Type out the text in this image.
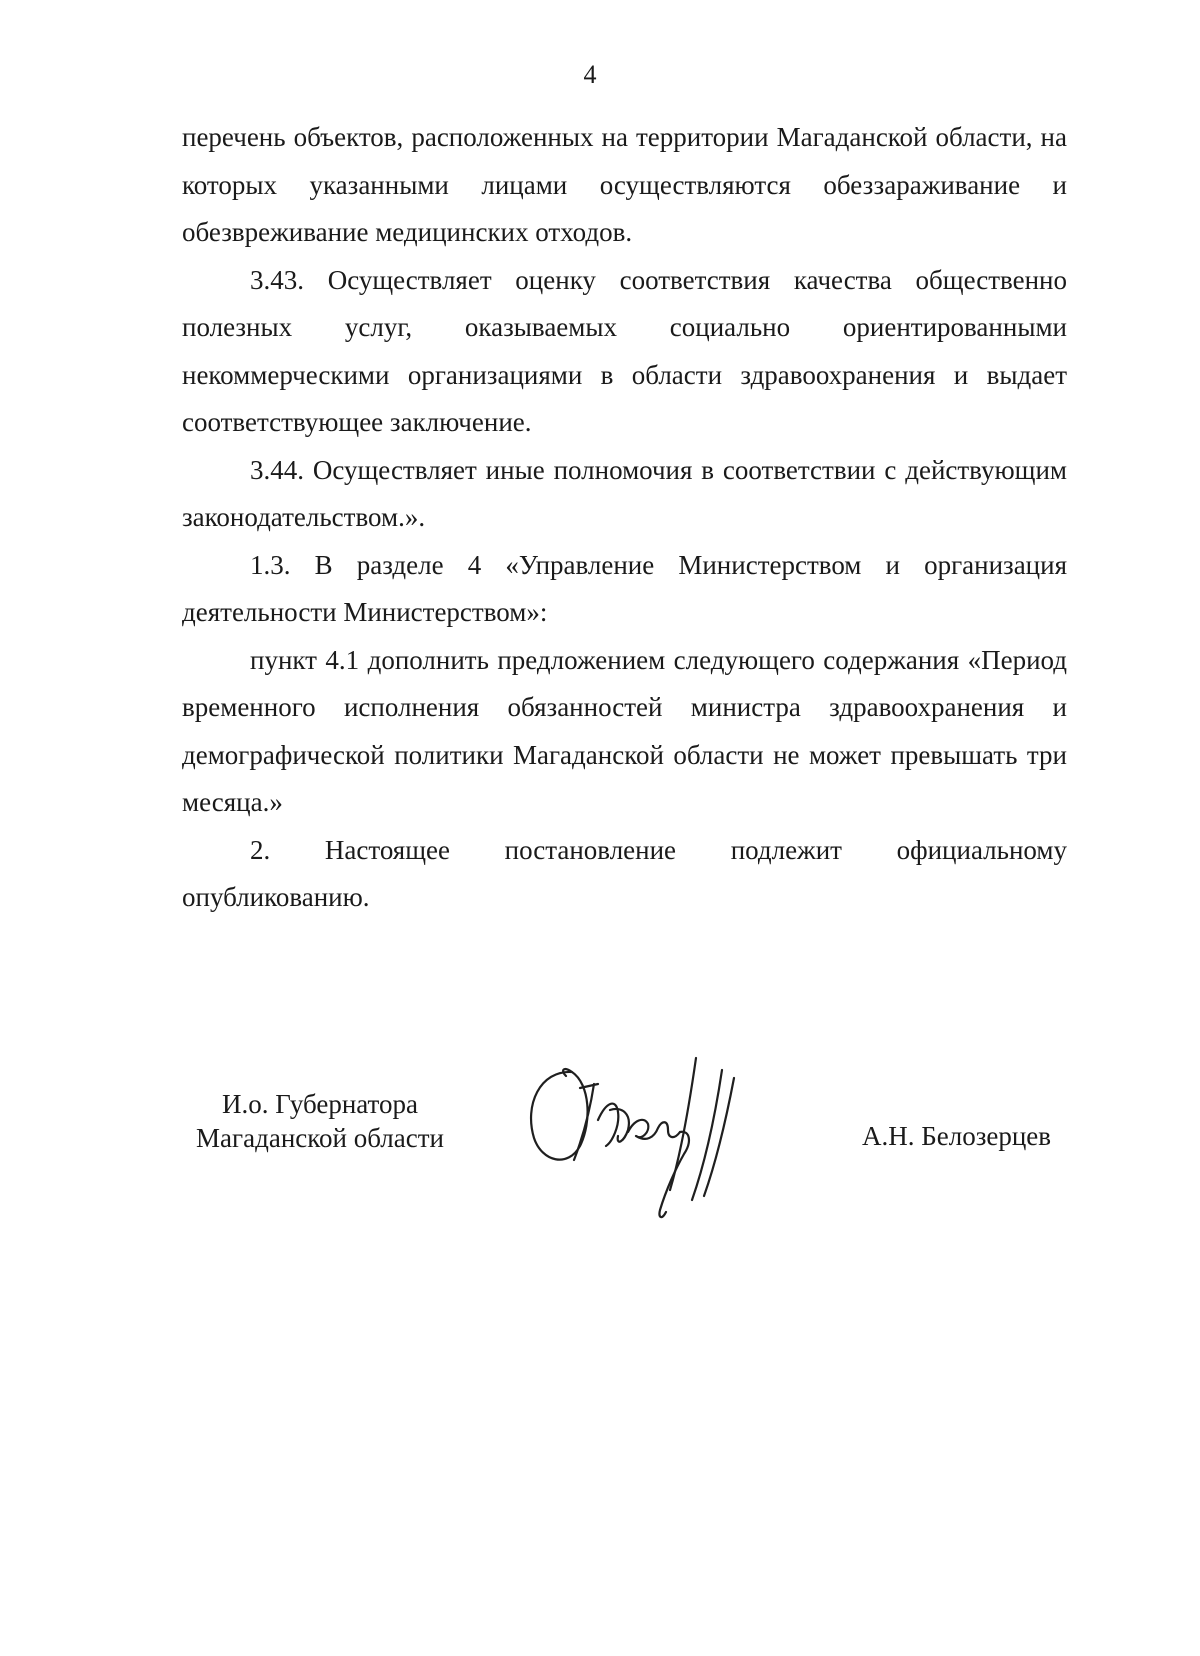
4

перечень объектов, расположенных на территории Магаданской области, на которых указанными лицами осуществляются обеззараживание и обезвреживание медицинских отходов.

3.43. Осуществляет оценку соответствия качества общественно полезных услуг, оказываемых социально ориентированными некоммерческими организациями в области здравоохранения и выдает соответствующее заключение.

3.44. Осуществляет иные полномочия в соответствии с действующим законодательством.».

1.3. В разделе 4 «Управление Министерством и организация деятельности Министерством»:

пункт 4.1 дополнить предложением следующего содержания «Период временного исполнения обязанностей министра здравоохранения и демографической политики Магаданской области не может превышать три месяца.»

2. Настоящее постановление подлежит официальному опубликованию.

И.о. Губернатора
Магаданской области	А.Н. Белозерцев
